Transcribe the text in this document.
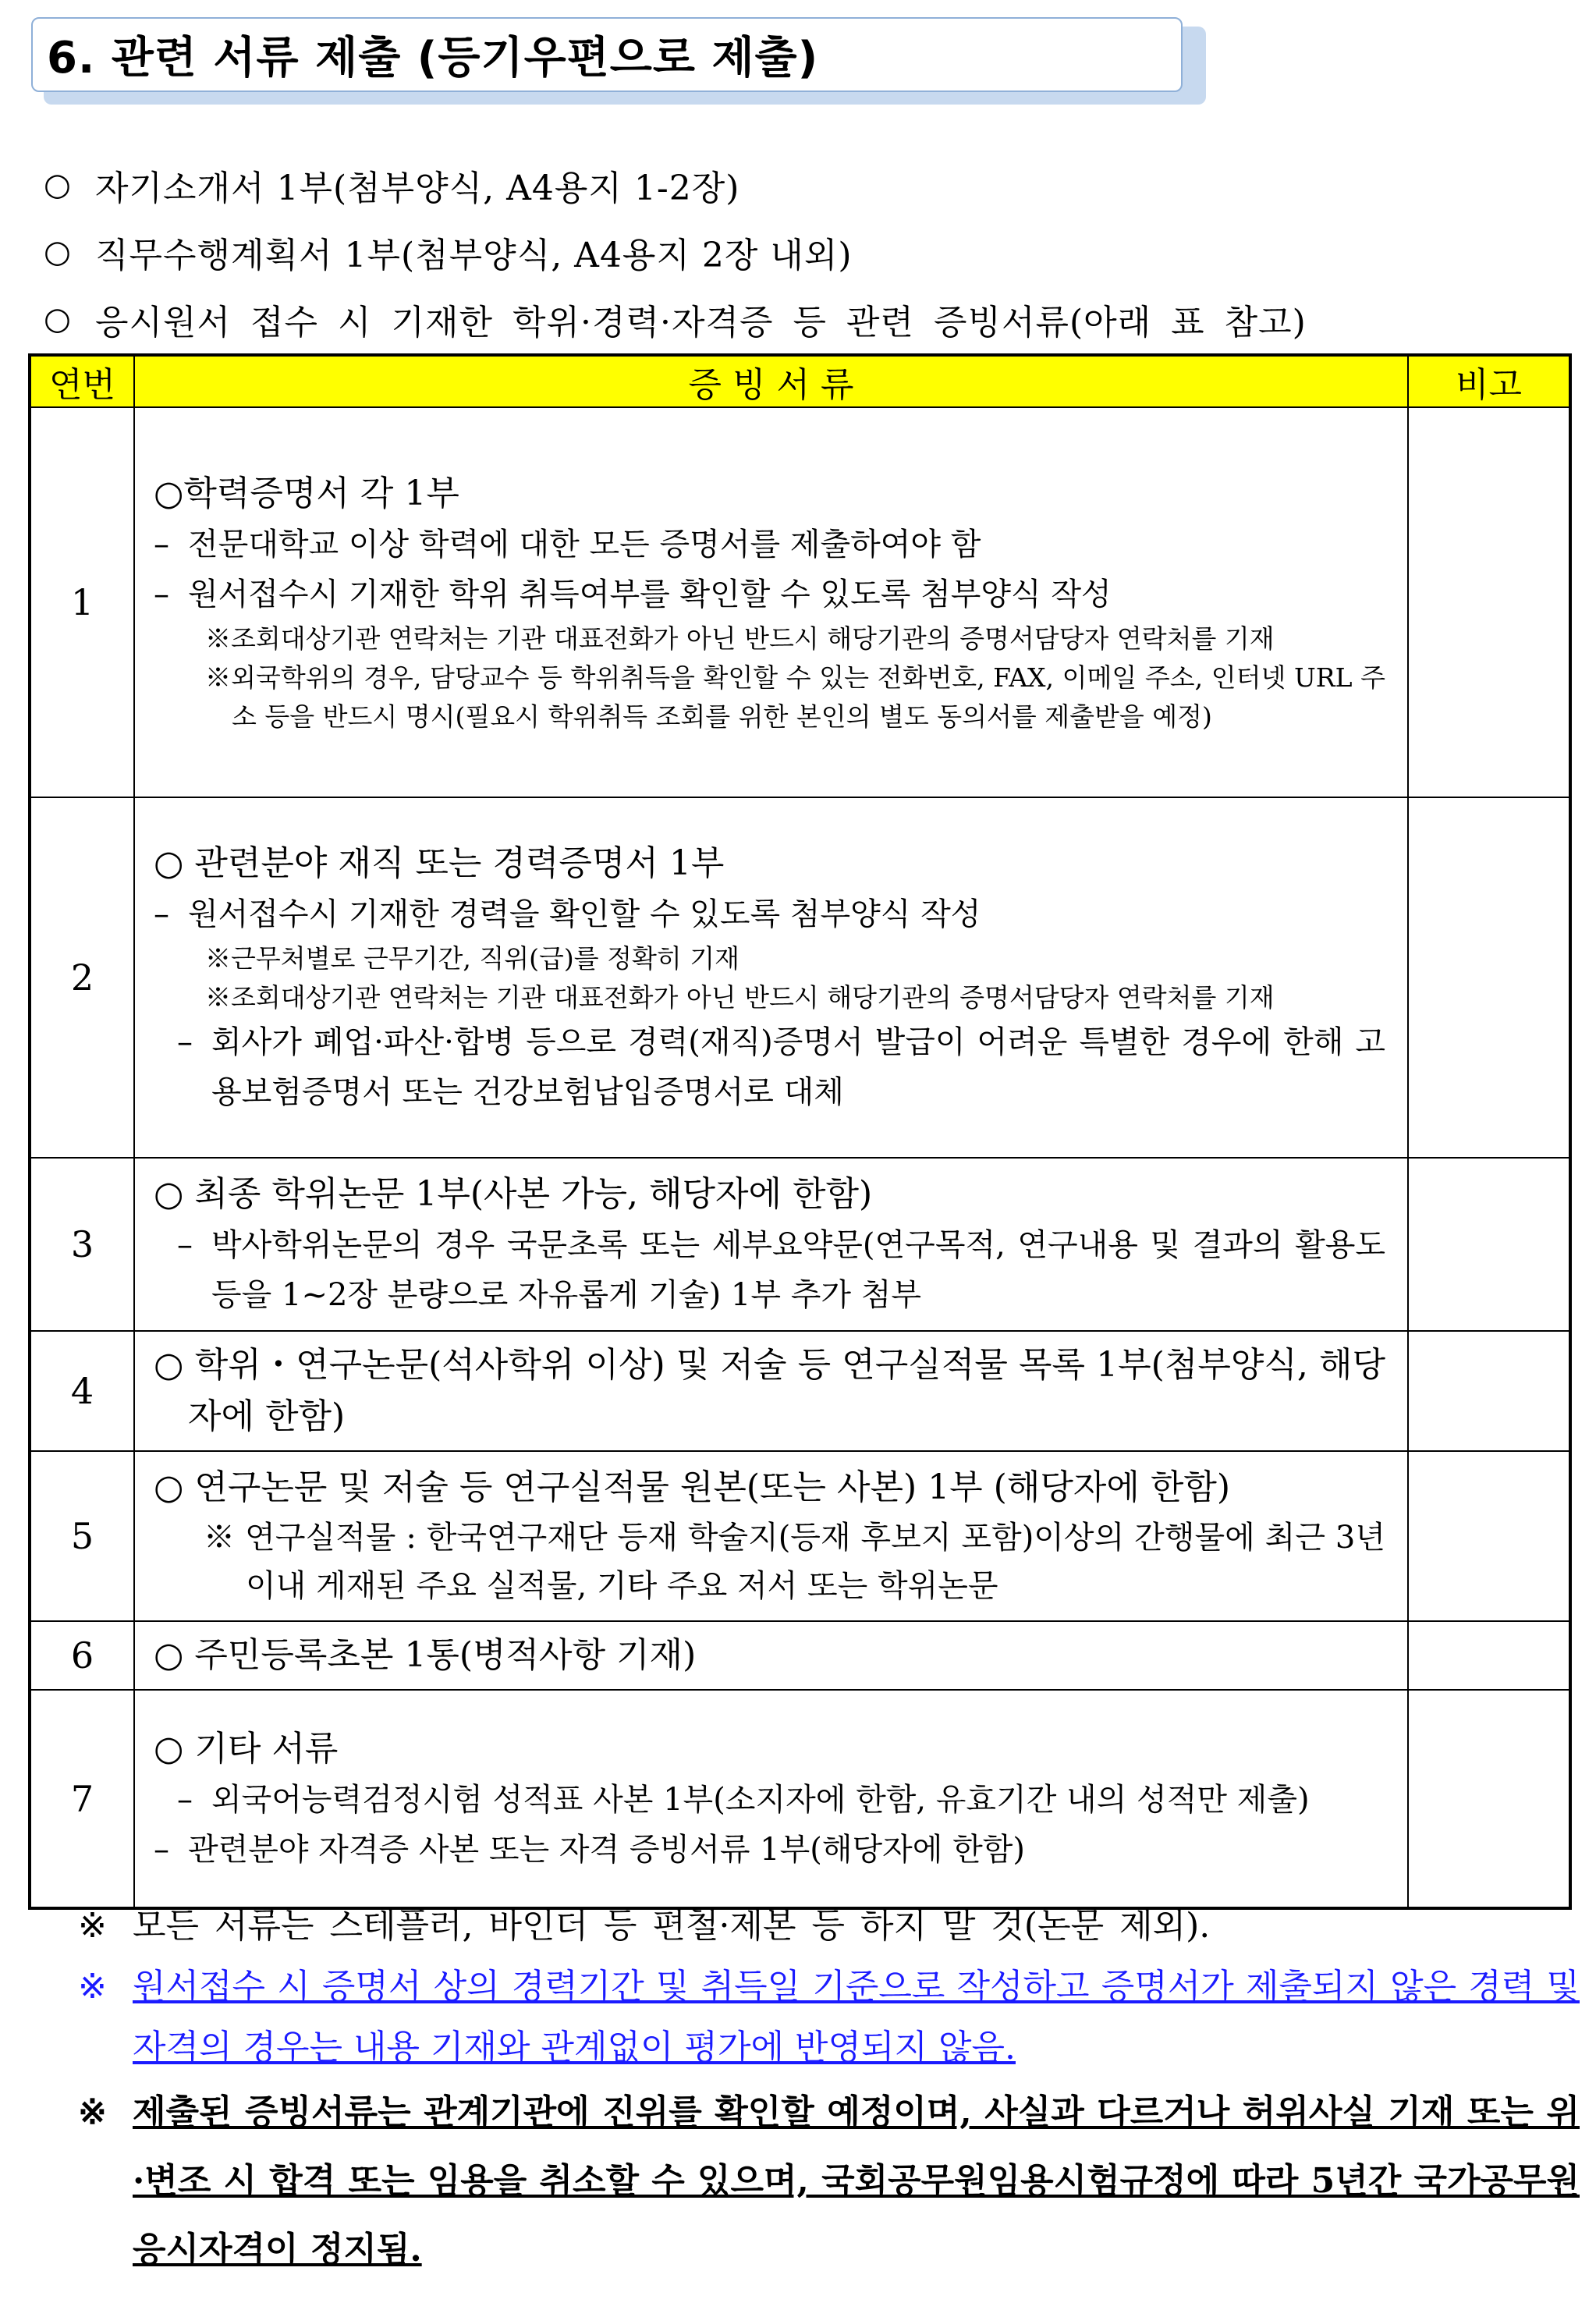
6. 관련 서류 제출 (등기우편으로 제출)
○ 자기소개서 1부(첨부양식, A4용지 1-2장)
○ 직무수행계획서 1부(첨부양식, A4용지 2장 내외)
○ 응시원서 접수 시 기재한 학위·경력·자격증 등 관련 증빙서류(아래 표 참고)
연번	증 빙 서 류	비고
1	○학력증명서 각 1부
– 전문대학교 이상 학력에 대한 모든 증명서를 제출하여야 함
– 원서접수시 기재한 학위 취득여부를 확인할 수 있도록 첨부양식 작성
※조회대상기관 연락처는 기관 대표전화가 아닌 반드시 해당기관의 증명서담당자 연락처를 기재
※외국학위의 경우, 담당교수 등 학위취득을 확인할 수 있는 전화번호, FAX, 이메일 주소, 인터넷 URL 주소 등을 반드시 명시(필요시 학위취득 조회를 위한 본인의 별도 동의서를 제출받을 예정)	

2	○ 관련분야 재직 또는 경력증명서 1부
– 원서접수시 기재한 경력을 확인할 수 있도록 첨부양식 작성
※근무처별로 근무기간, 직위(급)를 정확히 기재
※조회대상기관 연락처는 기관 대표전화가 아닌 반드시 해당기관의 증명서담당자 연락처를 기재
– 회사가 폐업·파산·합병 등으로 경력(재직)증명서 발급이 어려운 특별한 경우에 한해 고용보험증명서 또는 건강보험납입증명서로 대체	

3	○ 최종 학위논문 1부(사본 가능, 해당자에 한함)
– 박사학위논문의 경우 국문초록 또는 세부요약문(연구목적, 연구내용 및 결과의 활용도 등을 1~2장 분량으로 자유롭게 기술) 1부 추가 첨부	

4	○ 학위・연구논문(석사학위 이상) 및 저술 등 연구실적물 목록 1부(첨부양식, 해당자에 한함)	

5	○ 연구논문 및 저술 등 연구실적물 원본(또는 사본) 1부 (해당자에 한함)
※ 연구실적물 : 한국연구재단 등재 학술지(등재 후보지 포함)이상의 간행물에 최근 3년 이내 게재된 주요 실적물, 기타 주요 저서 또는 학위논문	

6	○ 주민등록초본 1통(병적사항 기재)	

7	○ 기타 서류
– 외국어능력검정시험 성적표 사본 1부(소지자에 한함, 유효기간 내의 성적만 제출)
– 관련분야 자격증 사본 또는 자격 증빙서류 1부(해당자에 한함)	

※ 모든 서류는 스테플러, 바인더 등 편철·제본 등 하지 말 것(논문 제외).
※ 원서접수 시 증명서 상의 경력기간 및 취득일 기준으로 작성하고 증명서가 제출되지 않은 경력 및 자격의 경우는 내용 기재와 관계없이 평가에 반영되지 않음.
※ 제출된 증빙서류는 관계기관에 진위를 확인할 예정이며, 사실과 다르거나 허위사실 기재 또는 위·변조 시 합격 또는 임용을 취소할 수 있으며, 국회공무원임용시험규정에 따라 5년간 국가공무원 응시자격이 정지됨.
